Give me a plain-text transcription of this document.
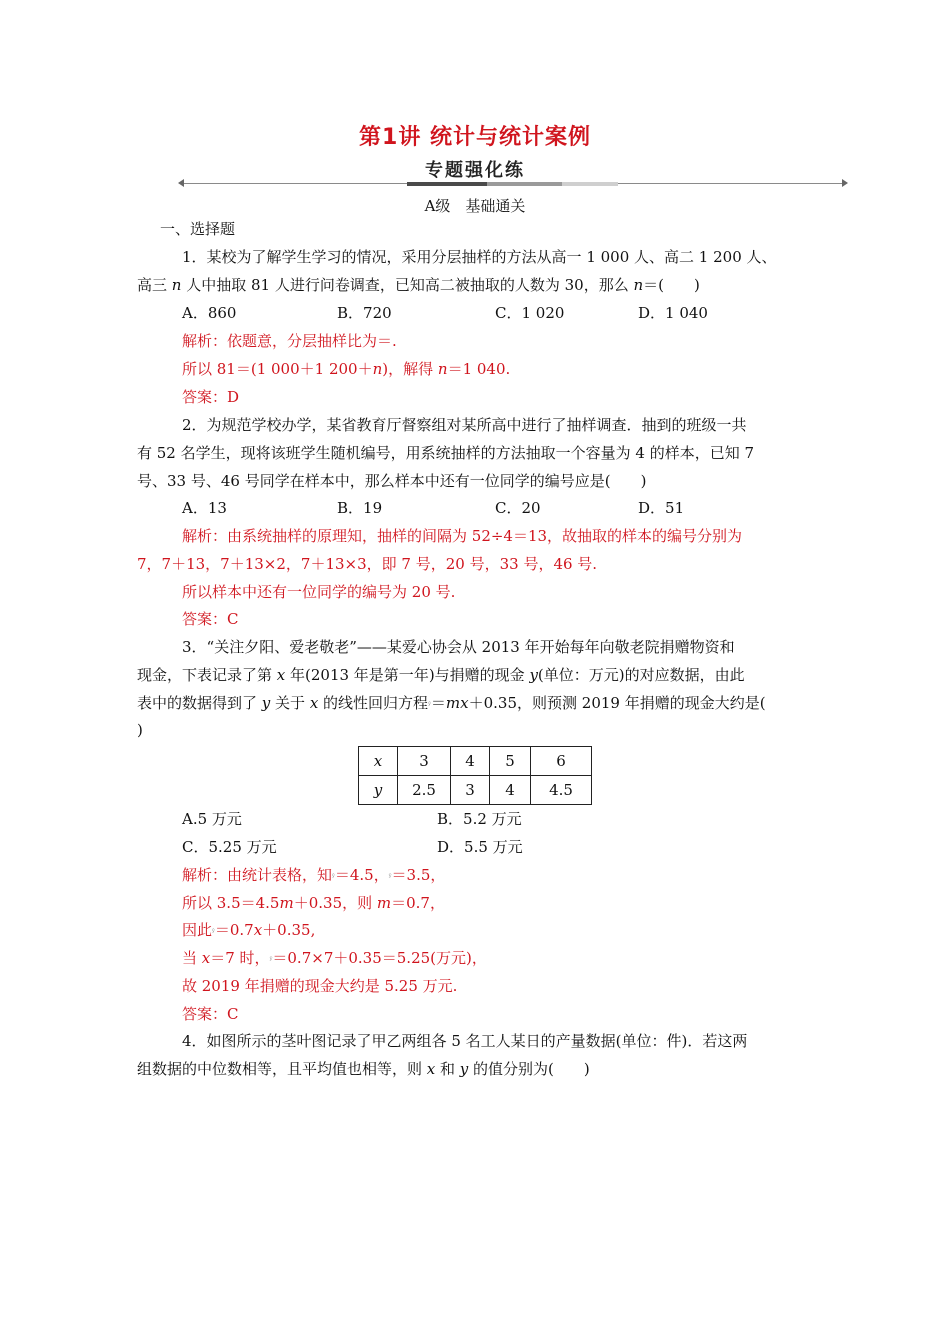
第1讲 统计与统计案例
专题强化练
A级　基础通关
一、选择题
1．某校为了解学生学习的情况，采用分层抽样的方法从高一 1 000 人、高二 1 200 人、
高三 n 人中抽取 81 人进行问卷调查，已知高二被抽取的人数为 30，那么 n＝(　　)
A．860	B．720	C．1 020	D．1 040
解析：依题意，分层抽样比为＝.
所以 81＝(1 000＋1 200＋n)，解得 n＝1 040.
答案：D
2．为规范学校办学，某省教育厅督察组对某所高中进行了抽样调查．抽到的班级一共
有 52 名学生，现将该班学生随机编号，用系统抽样的方法抽取一个容量为 4 的样本，已知 7
号、33 号、46 号同学在样本中，那么样本中还有一位同学的编号应是(　　)
A．13	B．19	C．20	D．51
解析：由系统抽样的原理知，抽样的间隔为 52÷4＝13，故抽取的样本的编号分别为
7，7＋13，7＋13×2，7＋13×3，即 7 号，20 号，33 号，46 号.
所以样本中还有一位同学的编号为 20 号.
答案：C
3．“关注夕阳、爱老敬老”——某爱心协会从 2013 年开始每年向敬老院捐赠物资和
现金，下表记录了第 x 年(2013 年是第一年)与捐赠的现金 y(单位：万元)的对应数据，由此
表中的数据得到了 y 关于 x 的线性回归方程ŷ＝mx＋0.35，则预测 2019 年捐赠的现金大约是(
)
x	3	4	5	6
y	2.5	3	4	4.5
A.5 万元	B．5.2 万元
C．5.25 万元	D．5.5 万元
解析：由统计表格，知ŷ＝4.5，ŷ＝3.5，
所以 3.5＝4.5m＋0.35，则 m＝0.7，
因此ŷ＝0.7x＋0.35,
当 x＝7 时，ŷ＝0.7×7＋0.35＝5.25(万元)，
故 2019 年捐赠的现金大约是 5.25 万元.
答案：C
4．如图所示的茎叶图记录了甲乙两组各 5 名工人某日的产量数据(单位：件)．若这两
组数据的中位数相等，且平均值也相等，则 x 和 y 的值分别为(　　)
